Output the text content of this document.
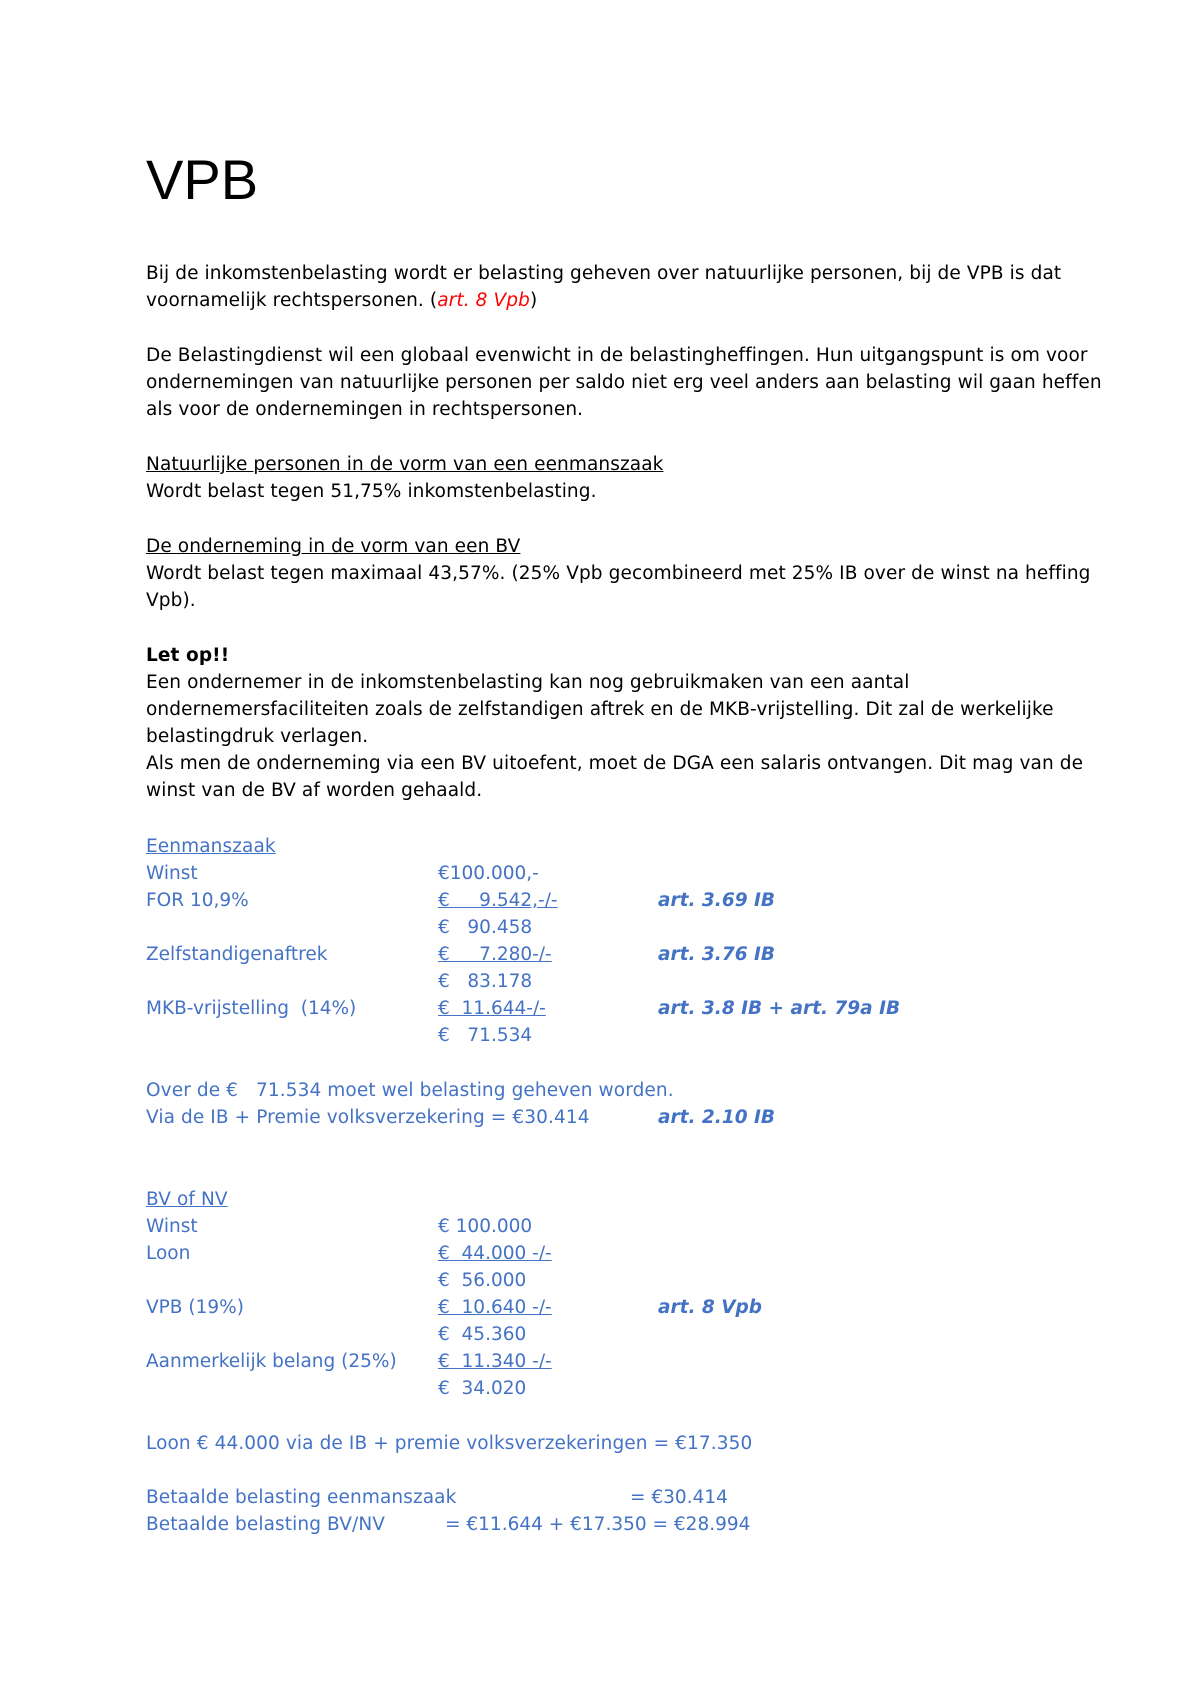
VPB
Bij de inkomstenbelasting wordt er belasting geheven over natuurlijke personen, bij de VPB is dat
voornamelijk rechtspersonen. (art. 8 Vpb)
De Belastingdienst wil een globaal evenwicht in de belastingheffingen. Hun uitgangspunt is om voor
ondernemingen van natuurlijke personen per saldo niet erg veel anders aan belasting wil gaan heffen
als voor de ondernemingen in rechtspersonen.
Natuurlijke personen in de vorm van een eenmanszaak
Wordt belast tegen 51,75% inkomstenbelasting.
De onderneming in de vorm van een BV
Wordt belast tegen maximaal 43,57%. (25% Vpb gecombineerd met 25% IB over de winst na heffing
Vpb).
Let op!!
Een ondernemer in de inkomstenbelasting kan nog gebruikmaken van een aantal
ondernemersfaciliteiten zoals de zelfstandigen aftrek en de MKB-vrijstelling. Dit zal de werkelijke
belastingdruk verlagen.
Als men de onderneming via een BV uitoefent, moet de DGA een salaris ontvangen. Dit mag van de
winst van de BV af worden gehaald.
Eenmanszaak
Winst	€100.000,-
FOR 10,9%	€     9.542,-/-	art. 3.69 IB
€   90.458
Zelfstandigenaftrek	€     7.280-/-	art. 3.76 IB
€   83.178
MKB-vrijstelling  (14%)	€  11.644-/-	art. 3.8 IB + art. 79a IB
€   71.534
Over de €   71.534 moet wel belasting geheven worden.
Via de IB + Premie volksverzekering = €30.414	art. 2.10 IB
BV of NV
Winst	€ 100.000
Loon	€  44.000 -/-
€  56.000
VPB (19%)	€  10.640 -/-	art. 8 Vpb
€  45.360
Aanmerkelijk belang (25%) €  11.340 -/-
€  34.020
Loon € 44.000 via de IB + premie volksverzekeringen = €17.350
Betaalde belasting eenmanszaak	= €30.414
Betaalde belasting BV/NV	= €11.644 + €17.350 = €28.994
